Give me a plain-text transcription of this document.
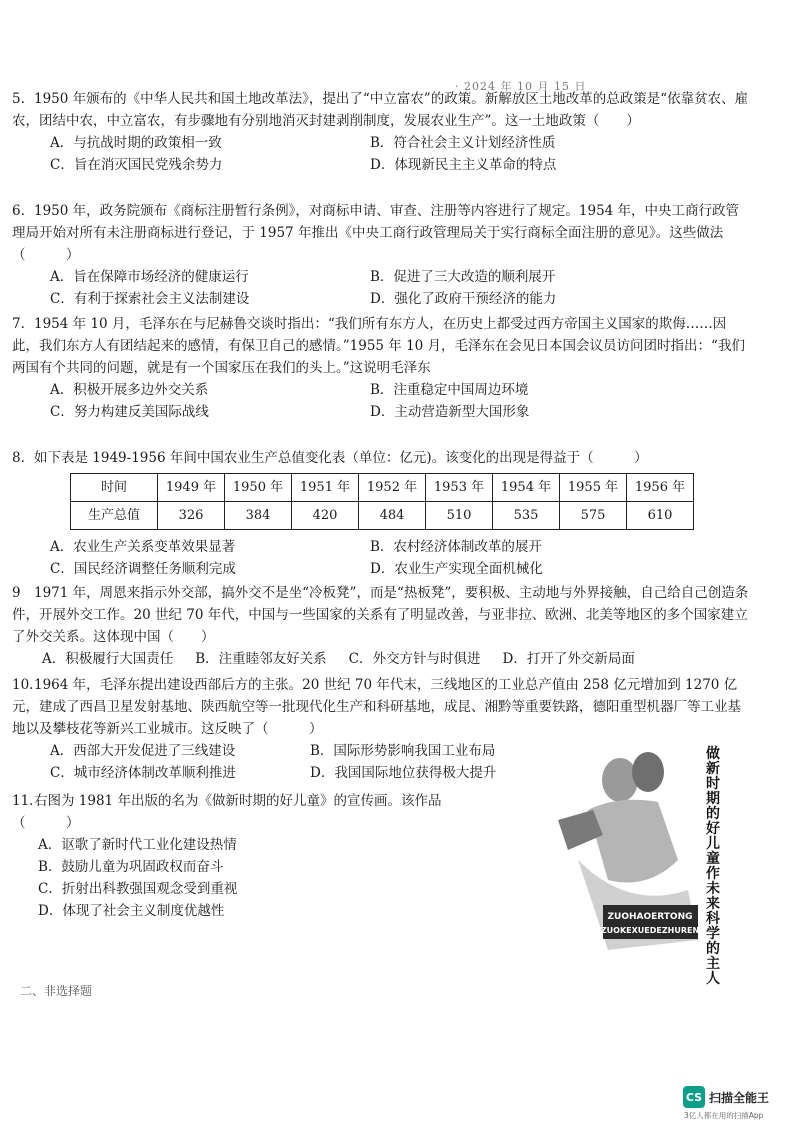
· 2024 年 10 月 15 日

5. 1950 年颁布的《中华人民共和国土地改革法》，提出了“中立富农”的政策。新解放区土地改革的总政策是“依靠贫农、雇农，团结中农，中立富农，有步骤地有分别地消灭封建剥削制度，发展农业生产”。这一土地政策（　　）

A．与抗战时期的政策相一致	B．符合社会主义计划经济性质
C．旨在消灭国民党残余势力	D．体现新民主主义革命的特点

6. 1950 年，政务院颁布《商标注册暂行条例》，对商标申请、审查、注册等内容进行了规定。1954 年，中央工商行政管理局开始对所有未注册商标进行登记，于 1957 年推出《中央工商行政管理局关于实行商标全面注册的意见》。这些做法（　　　）

A．旨在保障市场经济的健康运行	B．促进了三大改造的顺利展开
C．有利于探索社会主义法制建设	D．强化了政府干预经济的能力

7. 1954 年 10 月，毛泽东在与尼赫鲁交谈时指出：“我们所有东方人，在历史上都受过西方帝国主义国家的欺侮……因此，我们东方人有团结起来的感情，有保卫自己的感情。”1955 年 10 月，毛泽东在会见日本国会议员访问团时指出：“我们两国有个共同的问题，就是有一个国家压在我们的头上。”这说明毛泽东

A．积极开展多边外交关系	B．注重稳定中国周边环境
C．努力构建反美国际战线	D．主动营造新型大国形象

8. 如下表是 1949-1956 年间中国农业生产总值变化表（单位：亿元)。该变化的出现是得益于（　　　）

时间	1949 年	1950 年	1951 年	1952 年	1953 年	1954 年	1955 年	1956 年
生产总值	326	384	420	484	510	535	575	610
A．农业生产关系变革效果显著	B．农村经济体制改革的展开
C．国民经济调整任务顺利完成	D．农业生产实现全面机械化

9 1971 年，周恩来指示外交部，搞外交不是坐“冷板凳”，而是“热板凳”，要积极、主动地与外界接触，自己给自己创造条件，开展外交工作。20 世纪 70 年代，中国与一些国家的关系有了明显改善，与亚非拉、欧洲、北美等地区的多个国家建立了外交关系。这体现中国（　　）

A．积极履行大国责任 B．注重睦邻友好关系 C．外交方针与时俱进 D．打开了外交新局面

10.1964 年，毛泽东提出建设西部后方的主张。20 世纪 70 年代末，三线地区的工业总产值由 258 亿元增加到 1270 亿元，建成了西昌卫星发射基地、陕西航空等一批现代化生产和科研基地，成昆、湘黔等重要铁路，德阳重型机器厂等工业基地以及攀枝花等新兴工业城市。这反映了（　　　）

A．西部大开发促进了三线建设	B．国际形势影响我国工业布局
C．城市经济体制改革顺利推进	D．我国国际地位获得极大提升

11.右图为 1981 年出版的名为《做新时期的好儿童》的宣传画。该作品（　　　）

A．讴歌了新时代工业化建设热情
B．鼓励儿童为巩固政权而奋斗
C．折射出科教强国观念受到重视
D．体现了社会主义制度优越性	ZUOHAOERTONG
ZUOKEXUEDEZHUREN
做新时期的好儿童
作未来科学的主人
二、非选择题
CS 扫描全能王
3亿人都在用的扫描App
